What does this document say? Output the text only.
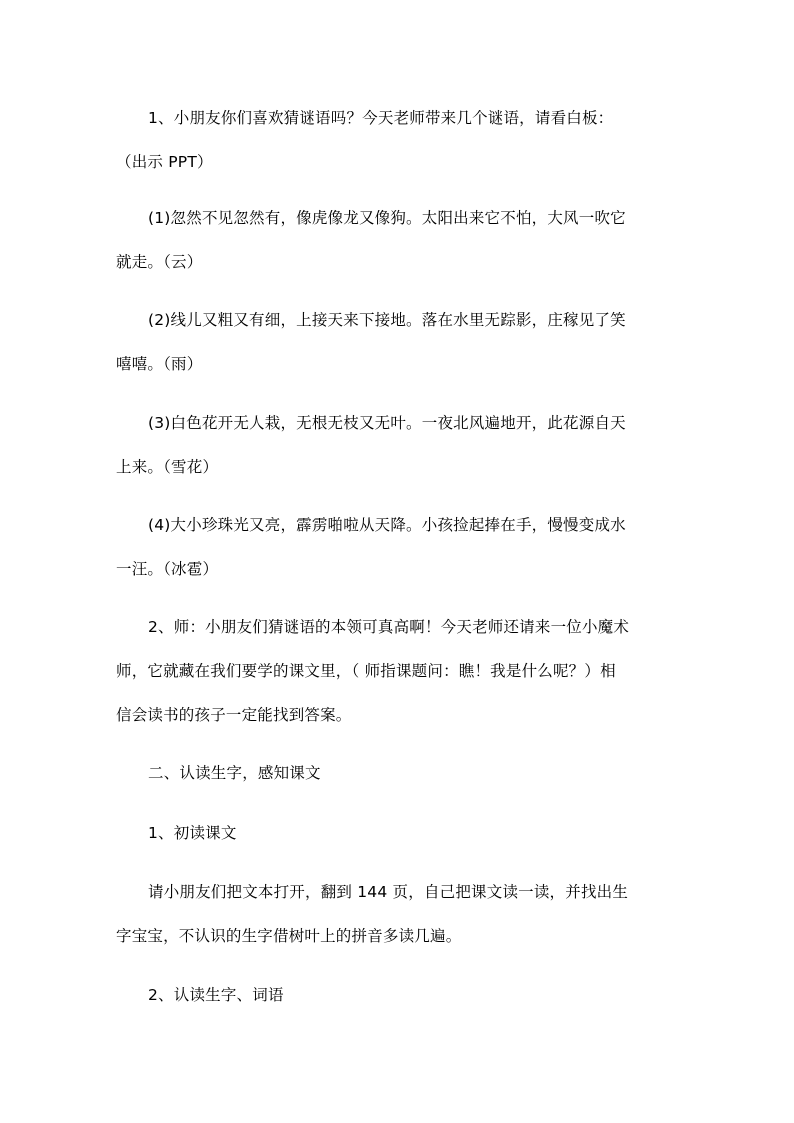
1、小朋友你们喜欢猜谜语吗？今天老师带来几个谜语，请看白板：
（出示 PPT）
(1)忽然不见忽然有，像虎像龙又像狗。太阳出来它不怕，大风一吹它
就走。（云）
(2)线儿又粗又有细，上接天来下接地。落在水里无踪影，庄稼见了笑
嘻嘻。（雨）
(3)白色花开无人栽，无根无枝又无叶。一夜北风遍地开，此花源自天
上来。（雪花）
(4)大小珍珠光又亮，霹雳啪啦从天降。小孩捡起捧在手，慢慢变成水
一汪。（冰雹）
2、师：小朋友们猜谜语的本领可真高啊！今天老师还请来一位小魔术
师，它就藏在我们要学的课文里，（ 师指课题问：瞧！我是什么呢？）相
信会读书的孩子一定能找到答案。
二、认读生字，感知课文
1、初读课文
请小朋友们把文本打开，翻到 144 页，自己把课文读一读，并找出生
字宝宝，不认识的生字借树叶上的拼音多读几遍。
2、认读生字、词语
